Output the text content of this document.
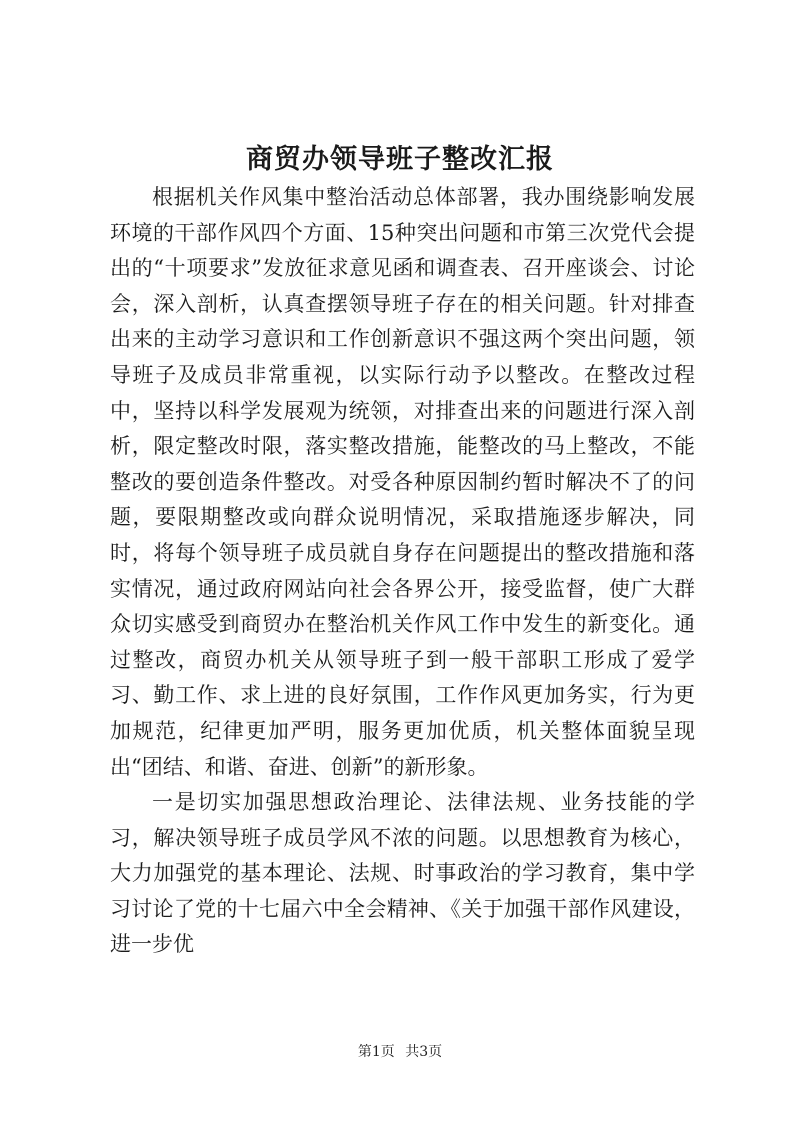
商贸办领导班子整改汇报

根据机关作风集中整治活动总体部署，我办围绕影响发展环境的干部作风四个方面、15种突出问题和市第三次党代会提出的“十项要求”发放征求意见函和调查表、召开座谈会、讨论会，深入剖析，认真查摆领导班子存在的相关问题。针对排查出来的主动学习意识和工作创新意识不强这两个突出问题，领导班子及成员非常重视，以实际行动予以整改。在整改过程中，坚持以科学发展观为统领，对排查出来的问题进行深入剖析，限定整改时限，落实整改措施，能整改的马上整改，不能整改的要创造条件整改。对受各种原因制约暂时解决不了的问题，要限期整改或向群众说明情况，采取措施逐步解决，同时，将每个领导班子成员就自身存在问题提出的整改措施和落实情况，通过政府网站向社会各界公开，接受监督，使广大群众切实感受到商贸办在整治机关作风工作中发生的新变化。通过整改，商贸办机关从领导班子到一般干部职工形成了爱学习、勤工作、求上进的良好氛围，工作作风更加务实，行为更加规范，纪律更加严明，服务更加优质，机关整体面貌呈现出“团结、和谐、奋进、创新”的新形象。

一是切实加强思想政治理论、法律法规、业务技能的学习，解决领导班子成员学风不浓的问题。以思想教育为核心，大力加强党的基本理论、法规、时事政治的学习教育，集中学习讨论了党的十七届六中全会精神、《关于加强干部作风建设，进一步优

第1页 共3页
